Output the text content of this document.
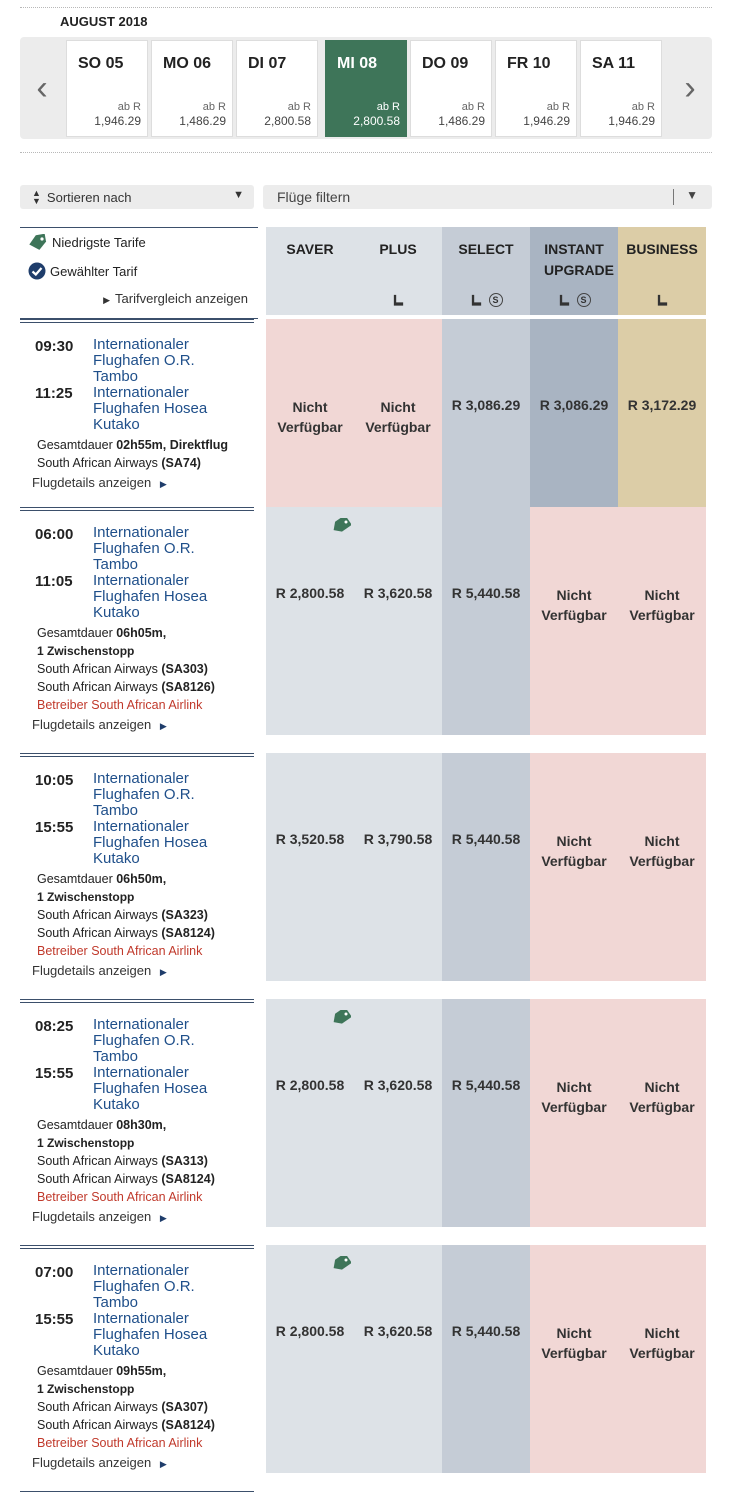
AUGUST 2018
‹	›
SO 05
ab R
1,946.29
MO 06
ab R
1,486.29
DI 07
ab R
2,800.58
MI 08
ab R
2,800.58
DO 09
ab R
1,486.29
FR 10
ab R
1,946.29
SA 11
ab R
1,946.29
▲
▼ Sortieren nach	▼ Flüge filtern	▼
Niedrigste Tarife
Gewählter Tarif
▶ Tarifvergleich anzeigen
SAVER	PLUS	SELECT
S
INSTANT UPGRADE
S
BUSINESS
09:30 Internationaler Flughafen O.R. Tambo
11:25 Internationaler Flughafen Hosea Kutako
Gesamtdauer 02h55m, Direktflug
South African Airways (SA74)
Flugdetails anzeigen ▶
Nicht Verfügbar
Nicht Verfügbar
R 3,086.29 R 3,086.29 R 3,172.29
06:00 Internationaler Flughafen O.R. Tambo
11:05 Internationaler Flughafen Hosea Kutako
Gesamtdauer 06h05m,
1 Zwischenstopp
South African Airways (SA303)
South African Airways (SA8126)
Betreiber South African Airlink
Flugdetails anzeigen ▶
R 2,800.58 R 3,620.58 R 5,440.58	Nicht Verfügbar
Nicht Verfügbar
10:05 Internationaler Flughafen O.R. Tambo
15:55 Internationaler Flughafen Hosea Kutako
Gesamtdauer 06h50m,
1 Zwischenstopp
South African Airways (SA323)
South African Airways (SA8124)
Betreiber South African Airlink
Flugdetails anzeigen ▶
R 3,520.58 R 3,790.58 R 5,440.58	Nicht Verfügbar
Nicht Verfügbar
08:25 Internationaler Flughafen O.R. Tambo
15:55 Internationaler Flughafen Hosea Kutako
Gesamtdauer 08h30m,
1 Zwischenstopp
South African Airways (SA313)
South African Airways (SA8124)
Betreiber South African Airlink
Flugdetails anzeigen ▶
R 2,800.58 R 3,620.58 R 5,440.58	Nicht Verfügbar
Nicht Verfügbar
07:00 Internationaler Flughafen O.R. Tambo
15:55 Internationaler Flughafen Hosea Kutako
Gesamtdauer 09h55m,
1 Zwischenstopp
South African Airways (SA307)
South African Airways (SA8124)
Betreiber South African Airlink
Flugdetails anzeigen ▶
R 2,800.58 R 3,620.58 R 5,440.58	Nicht Verfügbar
Nicht Verfügbar
